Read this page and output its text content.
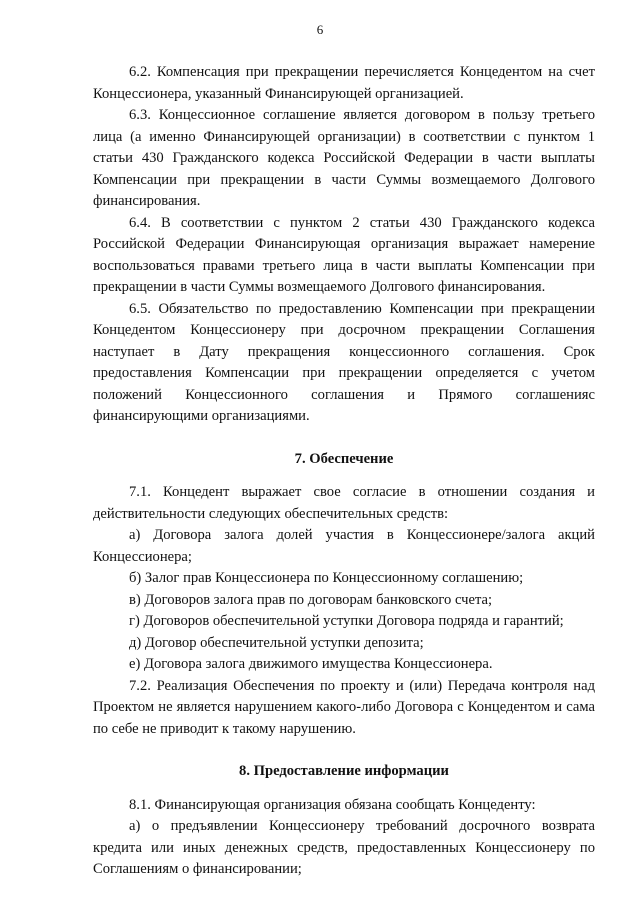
6

6.2. Компенсация при прекращении перечисляется Концедентом на счет Концессионера, указанный Финансирующей организацией.

6.3. Концессионное соглашение является договором в пользу третьего лица (а именно Финансирующей организации) в соответствии с пунктом 1 статьи 430 Гражданского кодекса Российской Федерации в части выплаты Компенсации при прекращении в части Суммы возмещаемого Долгового финансирования.

6.4. В соответствии с пунктом 2 статьи 430 Гражданского кодекса Российской Федерации Финансирующая организация выражает намерение воспользоваться правами третьего лица в части выплаты Компенсации при прекращении в части Суммы возмещаемого Долгового финансирования.

6.5. Обязательство по предоставлению Компенсации при прекращении Концедентом Концессионеру при досрочном прекращении Соглашения наступает в Дату прекращения концессионного соглашения. Срок предоставления Компенсации при прекращении определяется с учетом положений Концессионного соглашения и Прямого соглашенияс финансирующими организациями.

7. Обеспечение

7.1. Концедент выражает свое согласие в отношении создания и действительности следующих обеспечительных средств:

а) Договора залога долей участия в Концессионере/залога акций Концессионера;

б) Залог прав Концессионера по Концессионному соглашению;

в) Договоров залога прав по договорам банковского счета;

г) Договоров обеспечительной уступки Договора подряда и гарантий;

д) Договор обеспечительной уступки депозита;

е) Договора залога движимого имущества Концессионера.

7.2. Реализация Обеспечения по проекту и (или) Передача контроля над Проектом не является нарушением какого-либо Договора с Концедентом и сама по себе не приводит к такому нарушению.

8. Предоставление информации

8.1. Финансирующая организация обязана сообщать Концеденту:

а) о предъявлении Концессионеру требований досрочного возврата кредита или иных денежных средств, предоставленных Концессионеру по Соглашениям о финансировании;
